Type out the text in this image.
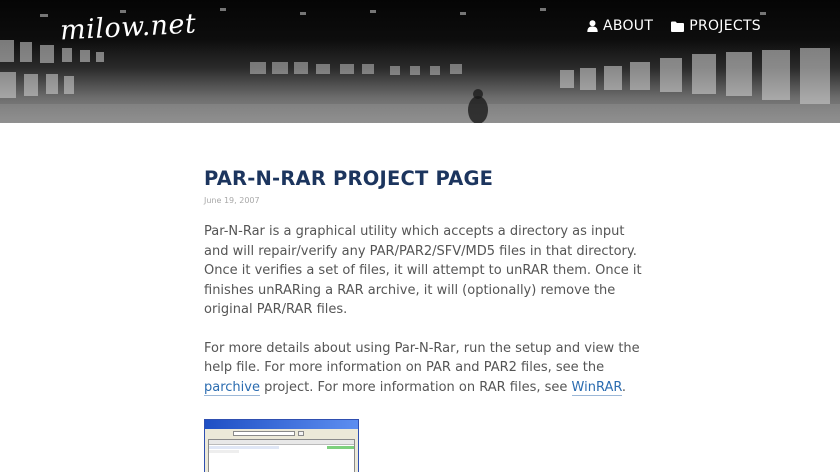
milow.net	ABOUT	PROJECTS
PAR-N-RAR PROJECT PAGE
June 19, 2007

Par-N-Rar is a graphical utility which accepts a directory as input and will repair/verify any PAR/PAR2/SFV/MD5 files in that directory. Once it verifies a set of files, it will attempt to unRAR them. Once it finishes unRARing a RAR archive, it will (optionally) remove the original PAR/RAR files.

For more details about using Par-N-Rar, run the setup and view the help file. For more information on PAR and PAR2 files, see the parchive project. For more information on RAR files, see WinRAR.
